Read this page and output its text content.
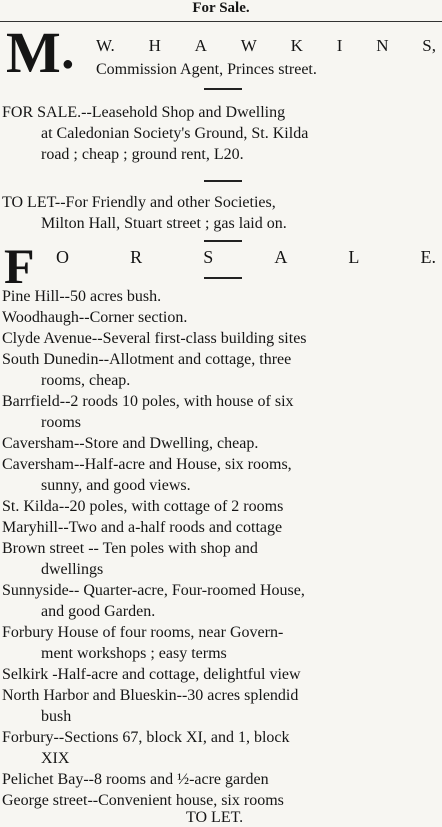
For Sale.
M ●
W. H A W K I N S,
Commission Agent, Princes street.
FOR SALE.--Leasehold Shop and Dwelling
at Caledonian Society's Ground, St. Kilda
road ; cheap ; ground rent, L20.
TO LET--For Friendly and other Societies,
Milton Hall, Stuart street ; gas laid on.
F O	R	S	A	L	E.
Pine Hill--50 acres bush.
Woodhaugh--Corner section.
Clyde Avenue--Several first-class building sites
South Dunedin--Allotment and cottage, three
rooms, cheap.
Barrfield--2 roods 10 poles, with house of six
rooms
Caversham--Store and Dwelling, cheap.
Caversham--Half-acre and House, six rooms,
sunny, and good views.
St. Kilda--20 poles, with cottage of 2 rooms
Maryhill--Two and a-half roods and cottage
Brown street -- Ten poles with shop and
dwellings
Sunnyside-- Quarter-acre, Four-roomed House,
and good Garden.
Forbury House of four rooms, near Govern-
ment workshops ; easy terms
Selkirk -Half-acre and cottage, delightful view
North Harbor and Blueskin--30 acres splendid
bush
Forbury--Sections 67, block XI, and 1, block
XIX
Pelichet Bay--8 rooms and ½-acre garden
George street--Convenient house, six rooms
TO LET.
